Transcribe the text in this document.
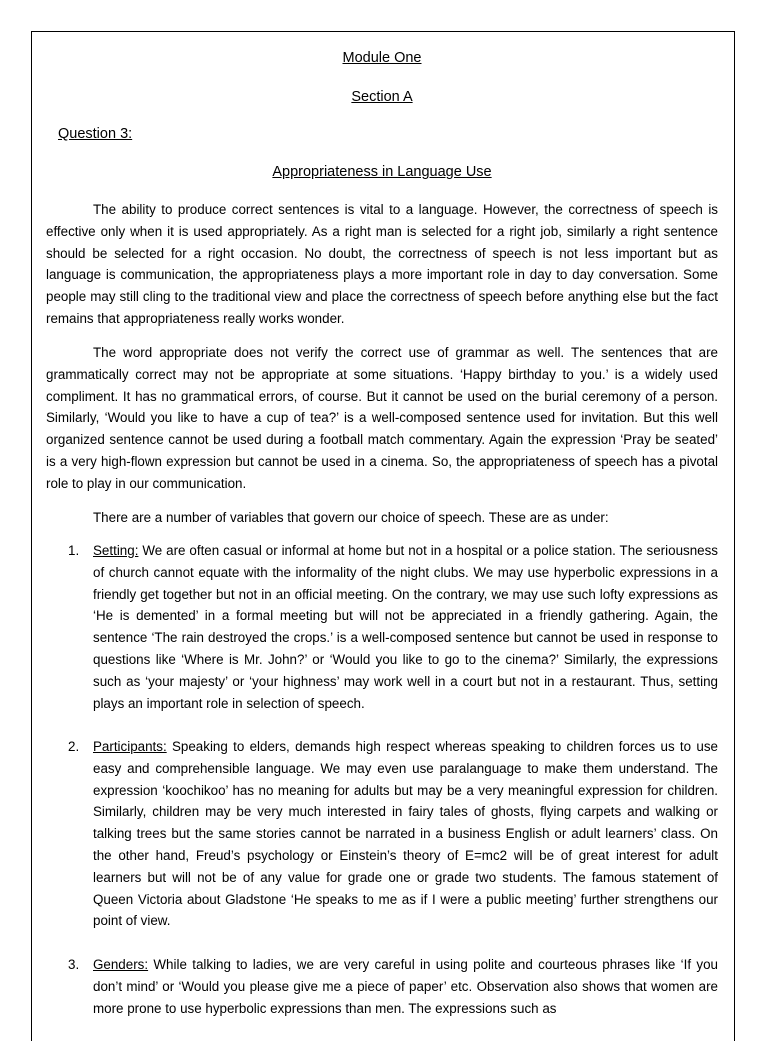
Module One
Section A
Question 3:
Appropriateness in Language Use

The ability to produce correct sentences is vital to a language. However, the correctness of speech is effective only when it is used appropriately. As a right man is selected for a right job, similarly a right sentence should be selected for a right occasion. No doubt, the correctness of speech is not less important but as language is communication, the appropriateness plays a more important role in day to day conversation. Some people may still cling to the traditional view and place the correctness of speech before anything else but the fact remains that appropriateness really works wonder.

The word appropriate does not verify the correct use of grammar as well. The sentences that are grammatically correct may not be appropriate at some situations. ‘Happy birthday to you.’ is a widely used compliment. It has no grammatical errors, of course. But it cannot be used on the burial ceremony of a person. Similarly, ‘Would you like to have a cup of tea?’ is a well-composed sentence used for invitation. But this well organized sentence cannot be used during a football match commentary. Again the expression ‘Pray be seated’ is a very high-flown expression but cannot be used in a cinema. So, the appropriateness of speech has a pivotal role to play in our communication.

There are a number of variables that govern our choice of speech. These are as under:

1. Setting: We are often casual or informal at home but not in a hospital or a police station. The seriousness of church cannot equate with the informality of the night clubs. We may use hyperbolic expressions in a friendly get together but not in an official meeting. On the contrary, we may use such lofty expressions as ‘He is demented’ in a formal meeting but will not be appreciated in a friendly gathering. Again, the sentence ‘The rain destroyed the crops.’ is a well-composed sentence but cannot be used in response to questions like ‘Where is Mr. John?’ or ‘Would you like to go to the cinema?’ Similarly, the expressions such as ‘your majesty’ or ‘your highness’ may work well in a court but not in a restaurant. Thus, setting plays an important role in selection of speech.
2. Participants: Speaking to elders, demands high respect whereas speaking to children forces us to use easy and comprehensible language. We may even use paralanguage to make them understand. The expression ‘koochikoo’ has no meaning for adults but may be a very meaningful expression for children. Similarly, children may be very much interested in fairy tales of ghosts, flying carpets and walking or talking trees but the same stories cannot be narrated in a business English or adult learners’ class. On the other hand, Freud’s psychology or Einstein’s theory of E=mc2 will be of great interest for adult learners but will not be of any value for grade one or grade two students. The famous statement of Queen Victoria about Gladstone ‘He speaks to me as if I were a public meeting’ further strengthens our point of view.
3. Genders: While talking to ladies, we are very careful in using polite and courteous phrases like ‘If you don’t mind’ or ‘Would you please give me a piece of paper’ etc. Observation also shows that women are more prone to use hyperbolic expressions than men. The expressions such as
